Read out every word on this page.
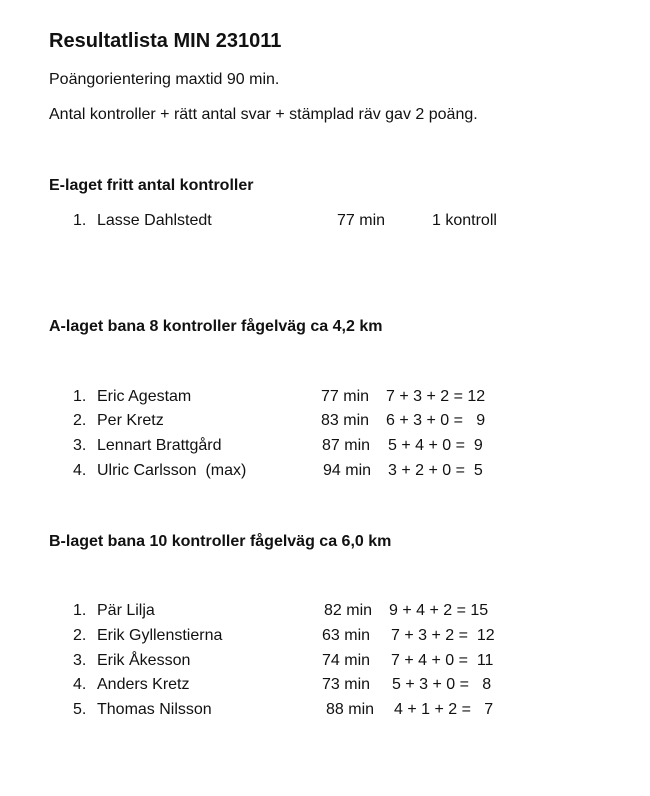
Resultatlista MIN 231011
Poängorientering maxtid 90 min.
Antal kontroller + rätt antal svar + stämplad räv gav 2 poäng.
E-laget fritt antal kontroller
A-laget bana 8 kontroller fågelväg ca 4,2 km
B-laget bana 10 kontroller fågelväg ca 6,0 km
1. Lasse Dahlstedt	77 min	1 kontroll
1. Eric Agestam	77 min 7 + 3 + 2 = 12
2. Per Kretz	83 min 6 + 3 + 0 =   9
3. Lennart Brattgård	87 min 5 + 4 + 0 =  9
4. Ulric Carlsson  (max)	94 min 3 + 2 + 0 =  5
1. Pär Lilja	82 min 9 + 4 + 2 = 15
2. Erik Gyllenstierna	63 min 7 + 3 + 2 =  12
3. Erik Åkesson	74 min 7 + 4 + 0 =  11
4. Anders Kretz	73 min 5 + 3 + 0 =   8
5. Thomas Nilsson	88 min 4 + 1 + 2 =   7
